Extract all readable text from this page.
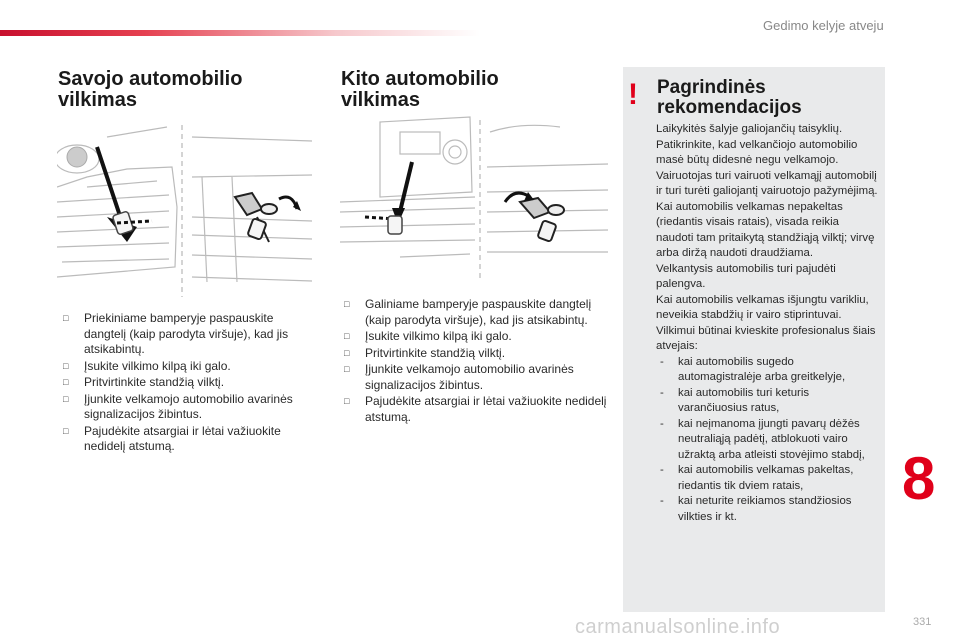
Gedimo kelyje atveju
Savojo automobilio
vilkimas
□ Priekiniame bamperyje paspauskite dangtelį (kaip parodyta viršuje), kad jis atsikabintų.
□ Įsukite vilkimo kilpą iki galo.
□ Pritvirtinkite standžią vilktį.
□ Įjunkite velkamojo automobilio avarinės signalizacijos žibintus.
□ Pajudėkite atsargiai ir lėtai važiuokite nedidelį atstumą.
Kito automobilio
vilkimas
□ Galiniame bamperyje paspauskite dangtelį (kaip parodyta viršuje), kad jis atsikabintų.
□ Įsukite vilkimo kilpą iki galo.
□ Pritvirtinkite standžią vilktį.
□ Įjunkite velkamojo automobilio avarinės signalizacijos žibintus.
□ Pajudėkite atsargiai ir lėtai važiuokite nedidelį atstumą.
! Pagrindinės
rekomendacijos

Laikykitės šalyje galiojančių taisyklių.

Patikrinkite, kad velkančiojo automobilio masė būtų didesnė negu velkamojo.

Vairuotojas turi vairuoti velkamąjį automobilį ir turi turėti galiojantį vairuotojo pažymėjimą.

Kai automobilis velkamas nepakeltas (riedantis visais ratais), visada reikia naudoti tam pritaikytą standžiąją vilktį; virvę arba diržą naudoti draudžiama.

Velkantysis automobilis turi pajudėti palengva.

Kai automobilis velkamas išjungtu varikliu, neveikia stabdžių ir vairo stiprintuvai.

Vilkimui būtinai kvieskite profesionalus šiais atvejais:

- kai automobilis sugedo automagistralėje arba greitkelyje,
- kai automobilis turi keturis varančiuosius ratus,
- kai neįmanoma įjungti pavarų dėžės neutraliąją padėtį, atblokuoti vairo užraktą arba atleisti stovėjimo stabdį,
- kai automobilis velkamas pakeltas, riedantis tik dviem ratais,
- kai neturite reikiamos standžiosios vilkties ir kt.
8
carmanualsonline.info	331
